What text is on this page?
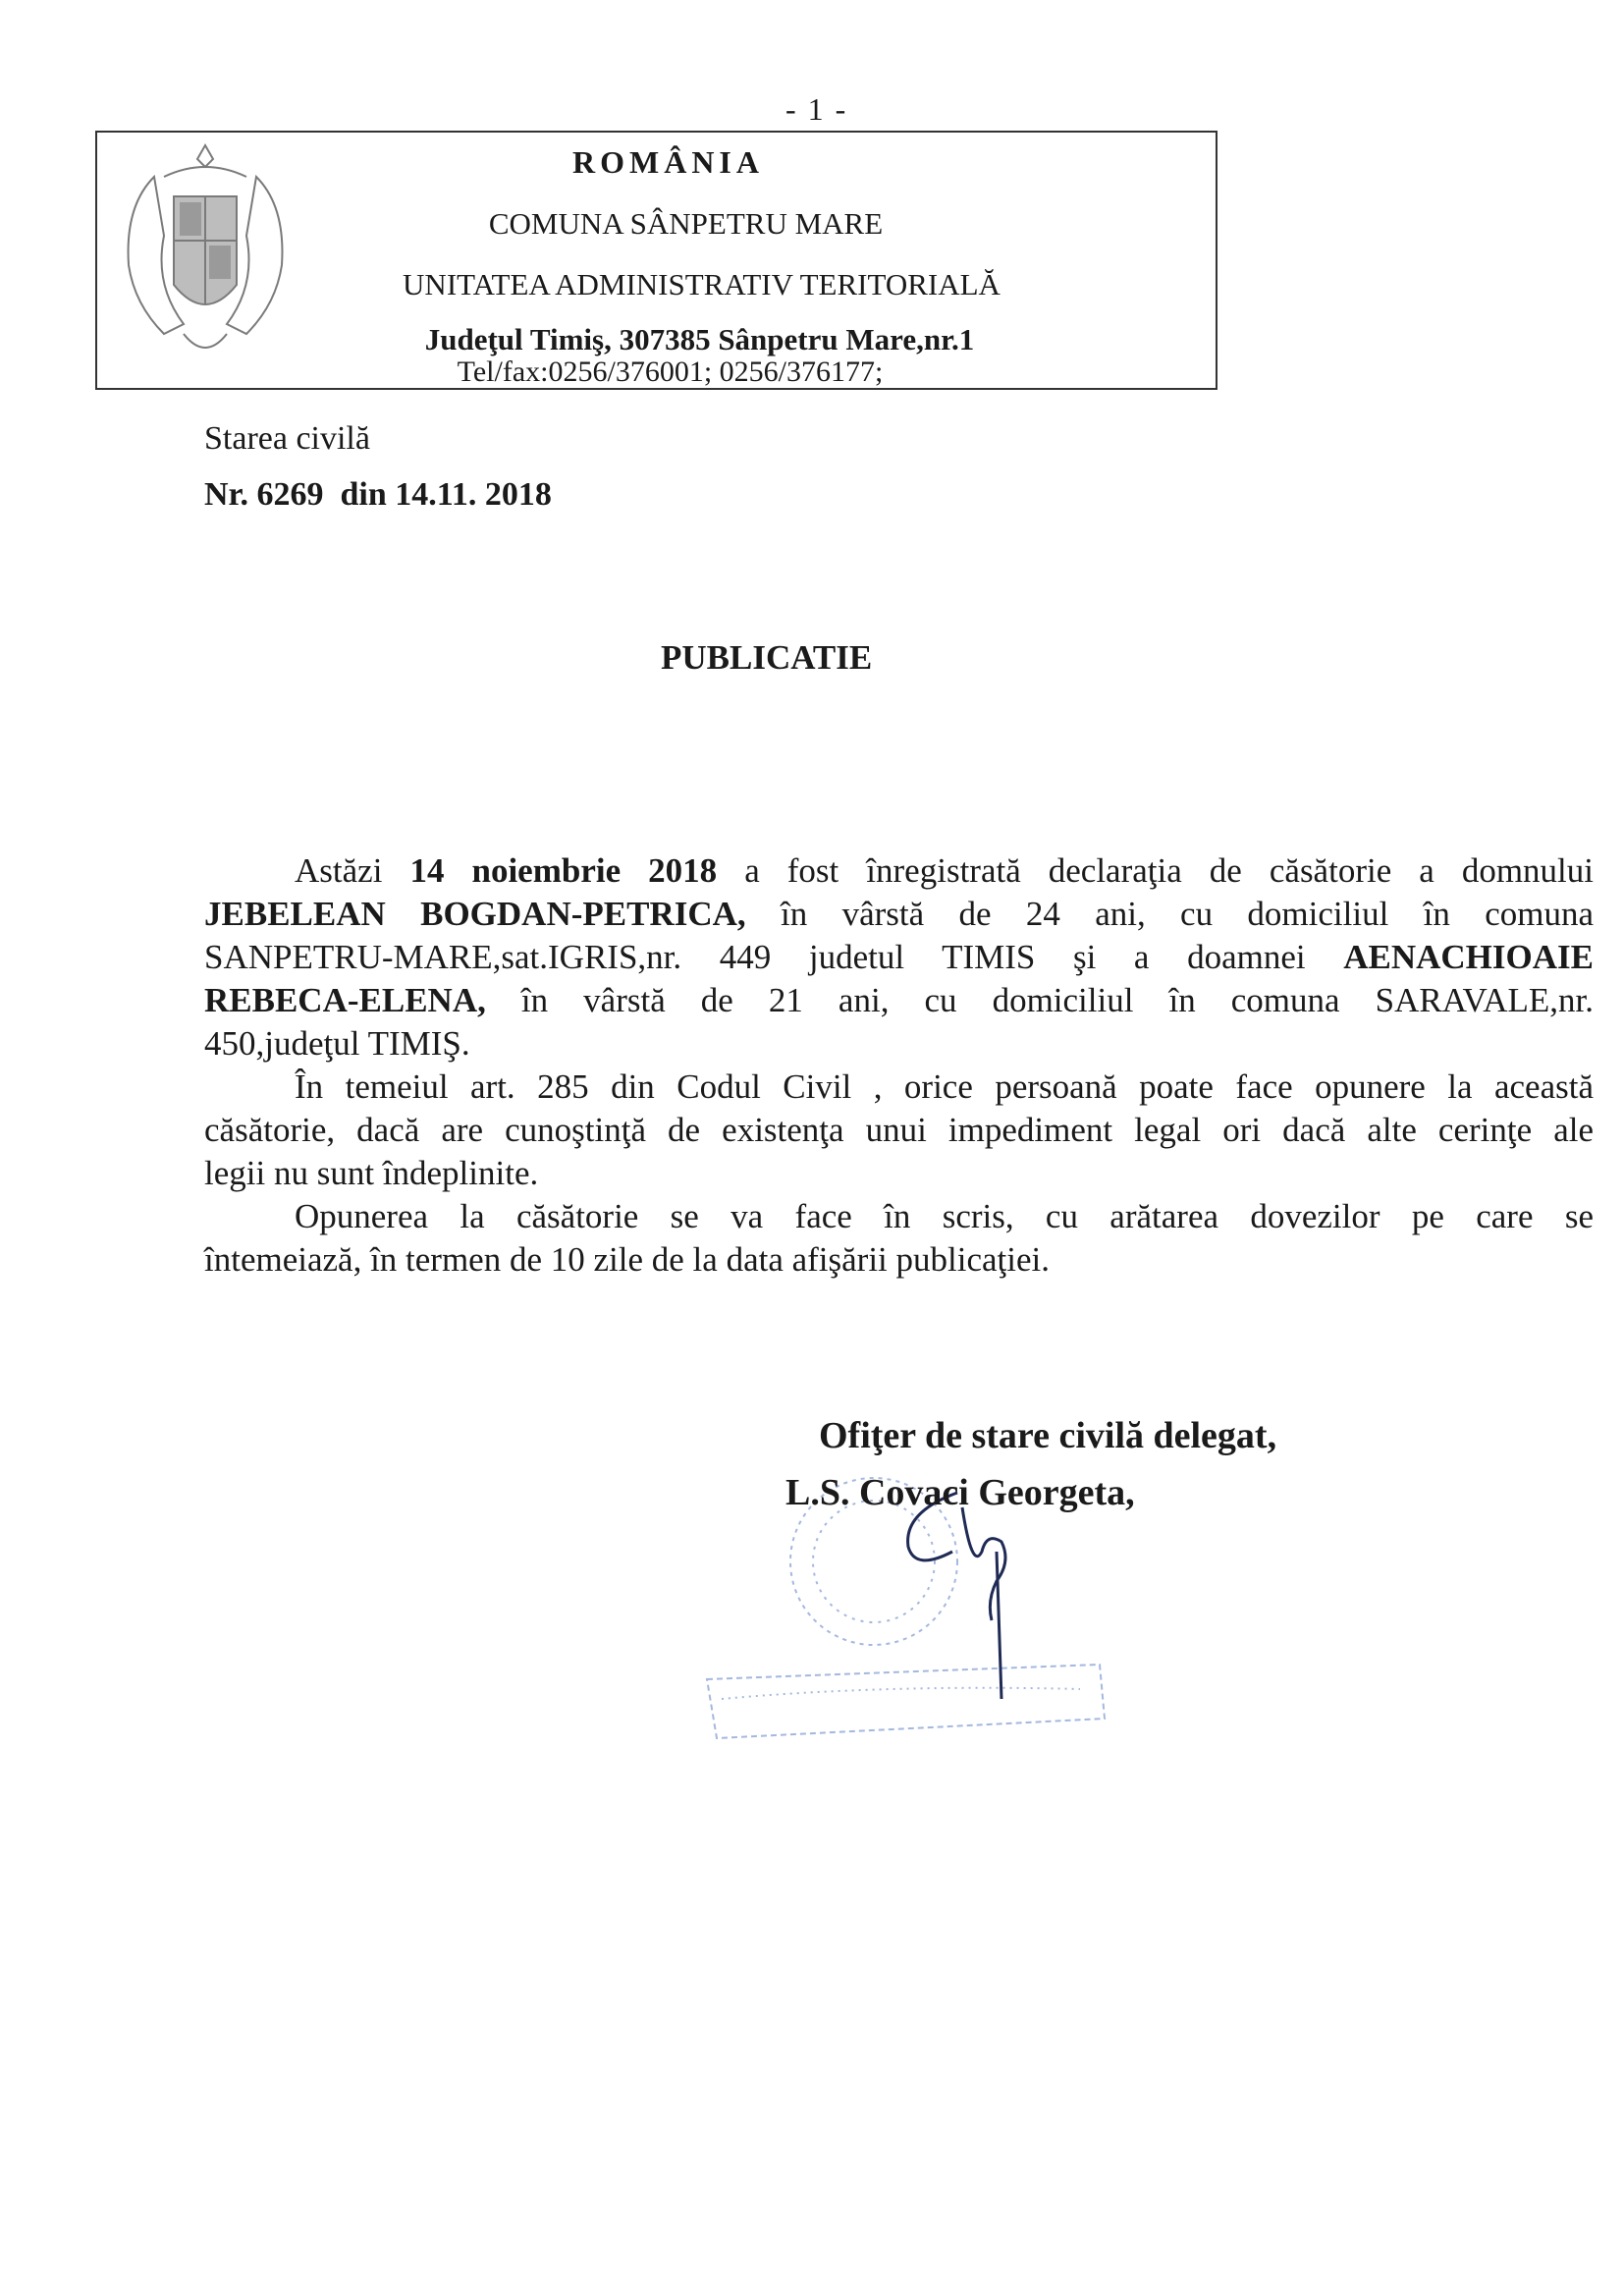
- 1 -
ROMÂNIA
COMUNA SÂNPETRU MARE
UNITATEA ADMINISTRATIV TERITORIALĂ
Judeţul Timiş, 307385 Sânpetru Mare,nr.1
Tel/fax:0256/376001; 0256/376177;
Starea civilă
Nr. 6269  din 14.11. 2018
PUBLICATIE
Astăzi 14 noiembrie 2018 a fost înregistrată declaraţia de căsătorie a domnului
JEBELEAN BOGDAN-PETRICA, în vârstă de 24 ani, cu domiciliul în comuna
SANPETRU-MARE,sat.IGRIS,nr. 449 judetul TIMIS şi a doamnei AENACHIOAIE
REBECA-ELENA, în vârstă de 21 ani, cu domiciliul în comuna SARAVALE,nr.
450,judeţul TIMIŞ.
În temeiul art. 285 din Codul Civil , orice persoană poate face opunere la această
căsătorie, dacă are cunoştinţă de existenţa unui impediment legal ori dacă alte cerinţe ale
legii nu sunt îndeplinite.
Opunerea la căsătorie se va face în scris, cu arătarea dovezilor pe care se
întemeiază, în termen de 10 zile de la data afişării publicaţiei.
Ofiţer de stare civilă delegat,
L.S. Covaci Georgeta,
